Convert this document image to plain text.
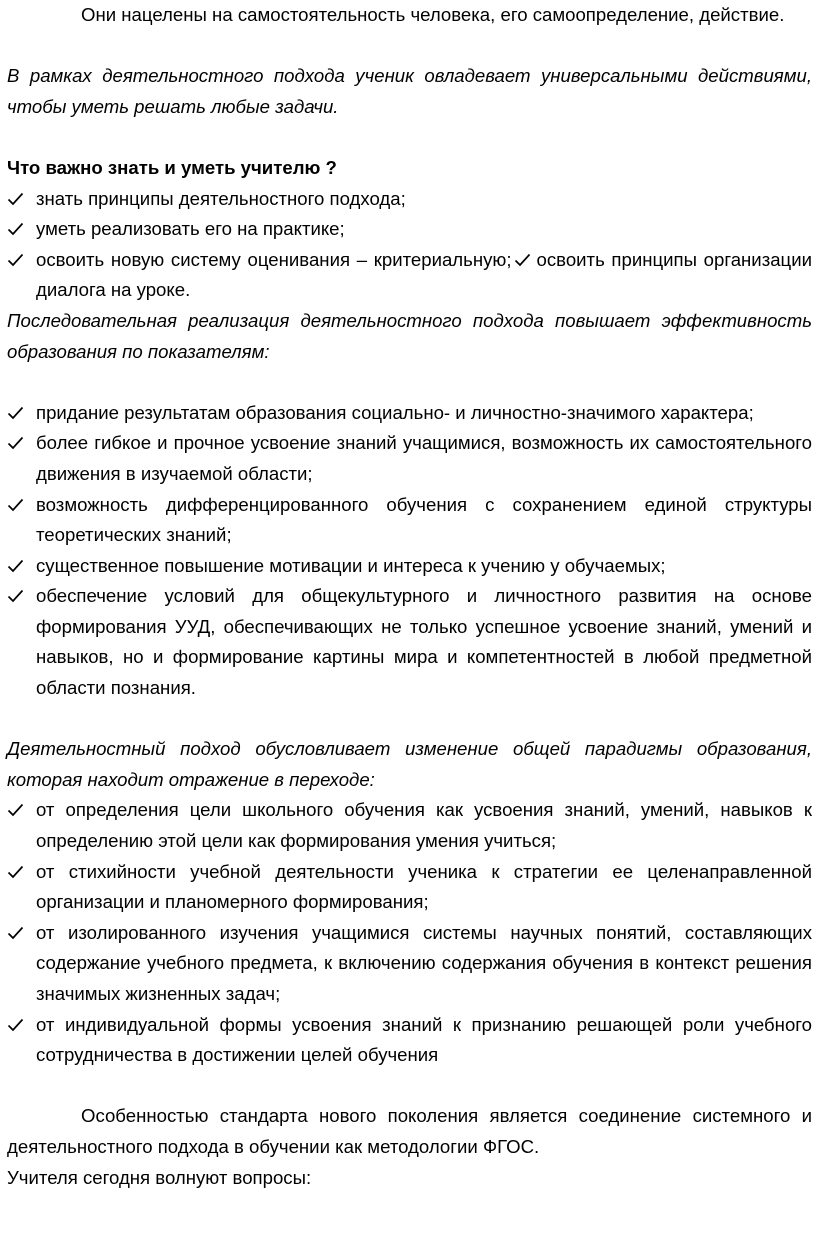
Они нацелены на самостоятельность человека, его самоопределение, действие.

В рамках деятельностного подхода ученик овладевает универсальными действиями, чтобы уметь решать любые задачи.

Что важно знать и уметь учителю ?

знать принципы деятельностного подхода;
уметь реализовать его на практике;
освоить новую систему оценивания – критериальную; освоить принципы организации диалога на уроке.

Последовательная реализация деятельностного подхода повышает эффективность образования по показателям:

придание результатам образования социально- и личностно-значимого характера;
более гибкое и прочное усвоение знаний учащимися, возможность их самостоятельного движения в изучаемой области;
возможность дифференцированного обучения с сохранением единой структуры теоретических знаний;
существенное повышение мотивации и интереса к учению у обучаемых;
обеспечение условий для общекультурного и личностного развития на основе формирования УУД, обеспечивающих не только успешное усвоение знаний, умений и навыков, но и формирование картины мира и компетентностей в любой предметной области познания.

Деятельностный подход обусловливает изменение общей парадигмы образования, которая находит отражение в переходе:

от определения цели школьного обучения как усвоения знаний, умений, навыков к определению этой цели как формирования умения учиться;
от стихийности учебной деятельности ученика к стратегии ее целенаправленной организации и планомерного формирования;
от изолированного изучения учащимися системы научных понятий, составляющих содержание учебного предмета, к включению содержания обучения в контекст решения значимых жизненных задач;
от индивидуальной формы усвоения знаний к признанию решающей роли учебного сотрудничества в достижении целей обучения

Особенностью стандарта нового поколения является соединение системного и деятельностного подхода в обучении как методологии ФГОС.

Учителя сегодня волнуют вопросы:
